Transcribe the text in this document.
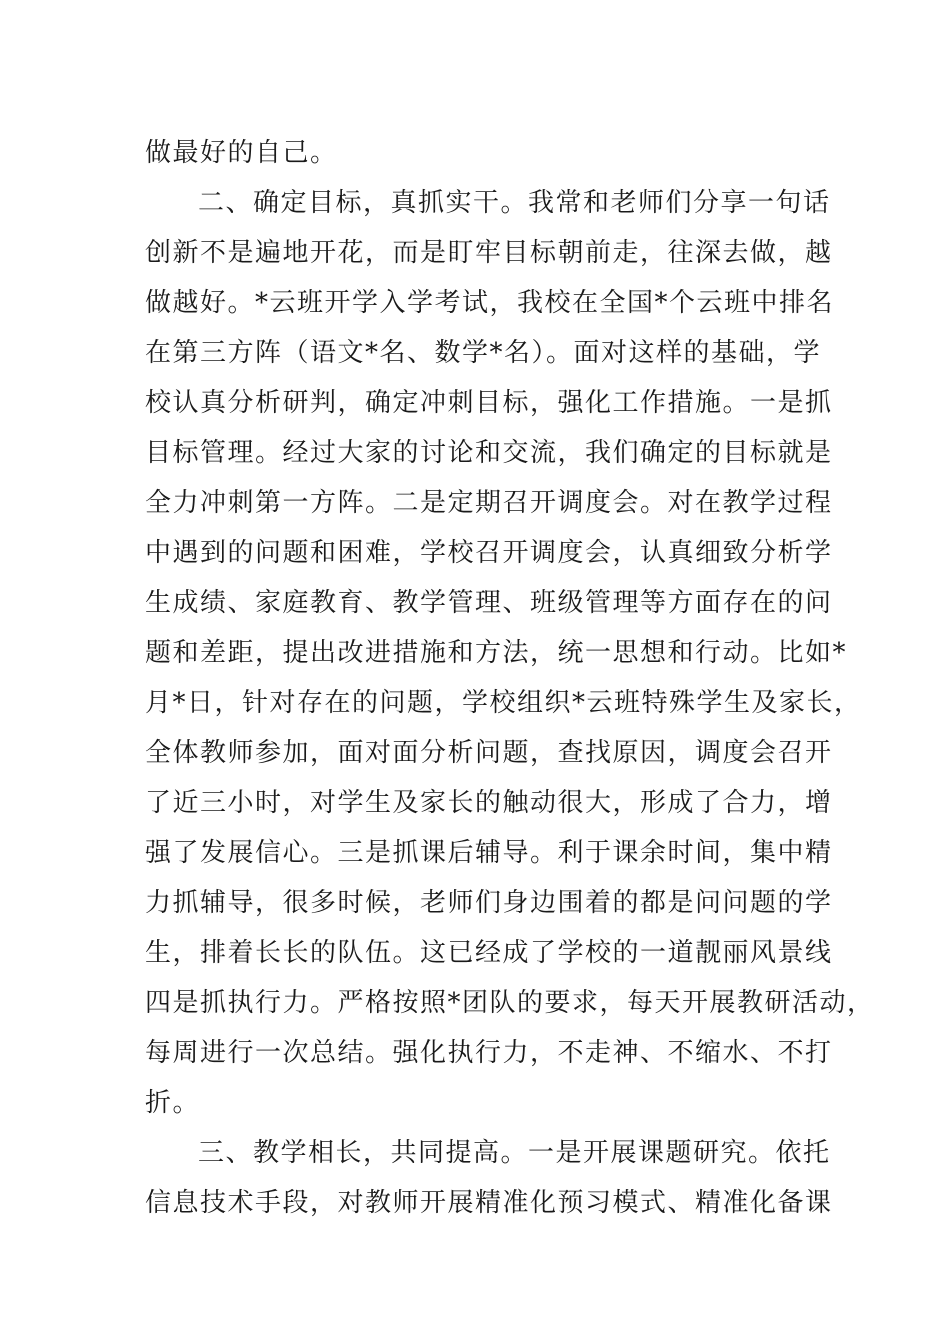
做最好的自己。
二、确定目标，真抓实干。我常和老师们分享一句话
创新不是遍地开花，而是盯牢目标朝前走，往深去做，越
做越好。*云班开学入学考试，我校在全国*个云班中排名
在第三方阵（语文*名、数学*名）。面对这样的基础，学
校认真分析研判，确定冲刺目标，强化工作措施。一是抓
目标管理。经过大家的讨论和交流，我们确定的目标就是
全力冲刺第一方阵。二是定期召开调度会。对在教学过程
中遇到的问题和困难，学校召开调度会，认真细致分析学
生成绩、家庭教育、教学管理、班级管理等方面存在的问
题和差距，提出改进措施和方法，统一思想和行动。比如*
月*日，针对存在的问题，学校组织*云班特殊学生及家长，
全体教师参加，面对面分析问题，查找原因，调度会召开
了近三小时，对学生及家长的触动很大，形成了合力，增
强了发展信心。三是抓课后辅导。利于课余时间，集中精
力抓辅导，很多时候，老师们身边围着的都是问问题的学
生，排着长长的队伍。这已经成了学校的一道靓丽风景线
四是抓执行力。严格按照*团队的要求，每天开展教研活动，
每周进行一次总结。强化执行力，不走神、不缩水、不打
折。
三、教学相长，共同提高。一是开展课题研究。依托
信息技术手段，对教师开展精准化预习模式、精准化备课
